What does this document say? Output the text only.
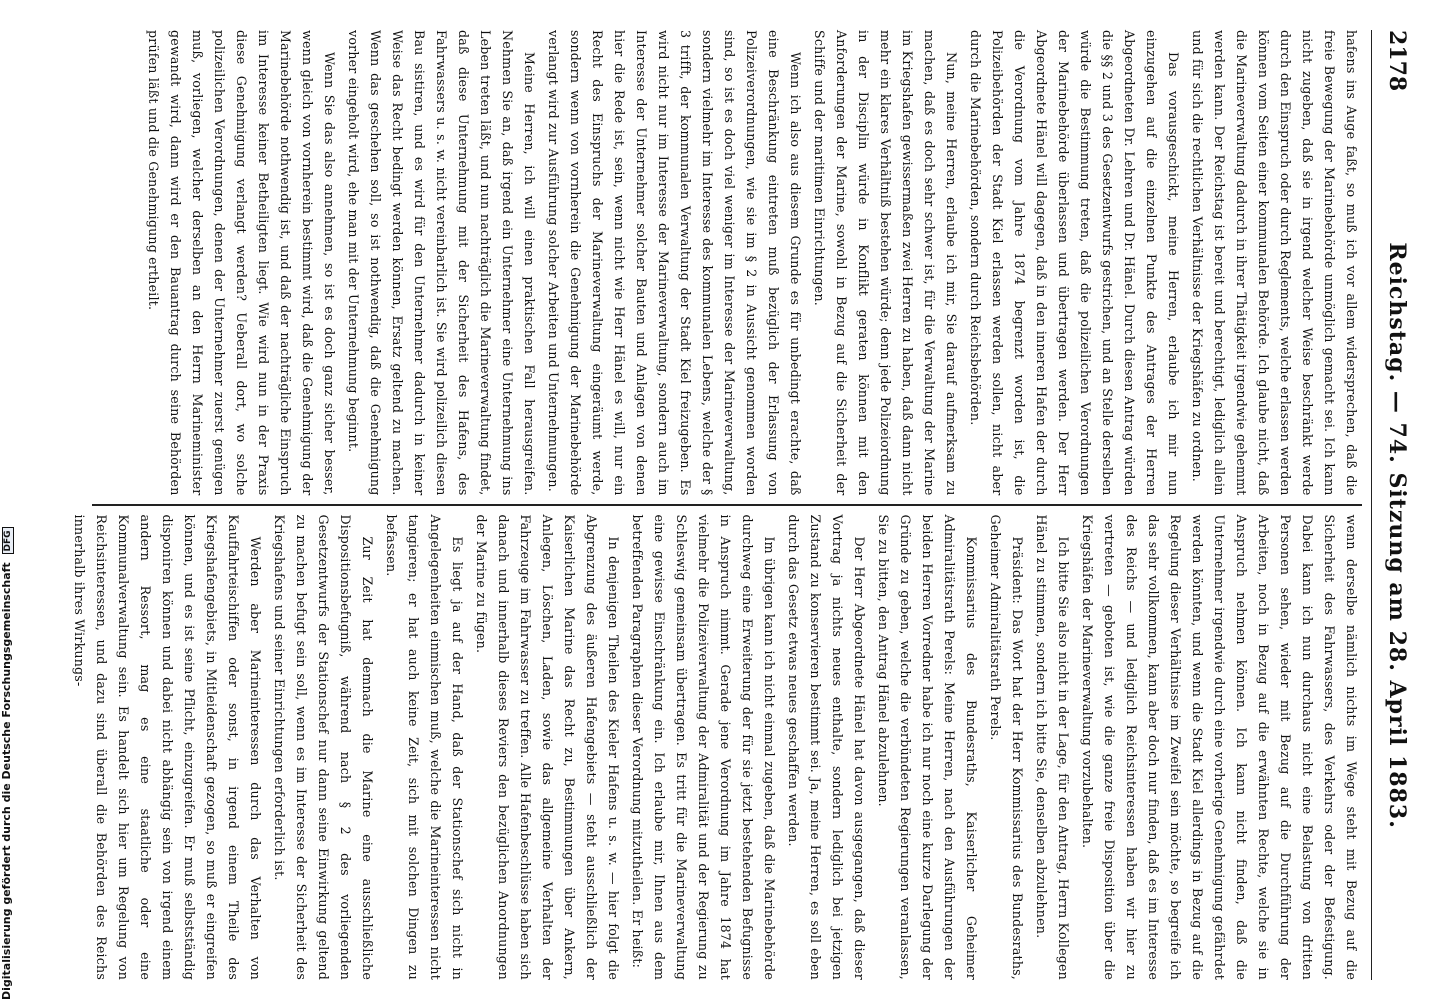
2178
Reichstag. — 74. Sitzung am 28. April 1883.

hafens ins Auge faßt, so muß ich vor allem widersprechen, daß die freie Bewegung der Marinebehörde unmöglich gemacht sei. Ich kann nicht zugeben, daß sie in irgend welcher Weise beschränkt werde durch den Einspruch oder durch Reglements, welche erlassen werden können vom Seiten einer kommunalen Behörde. Ich glaube nicht, daß die Marineverwaltung dadurch in ihrer Thätigkeit irgendwie gehemmt werden kann. Der Reichstag ist bereit und berechtigt, lediglich allein und für sich die rechtlichen Verhältnisse der Kriegshäfen zu ordnen.

Das vorausgeschickt, meine Herren, erlaube ich mir nun einzugehen auf die einzelnen Punkte des Antrages der Herren Abgeordneten Dr. Lehren und Dr. Hänel. Durch diesen Antrag würden die §§ 2 und 3 des Gesetzentwurfs gestrichen, und an Stelle derselben würde die Bestimmung treten, daß die polizeilichen Verordnungen der Marinebehörde überlassen und übertragen werden. Der Herr Abgeordnete Hänel will dagegen, daß in den inneren Hafen der durch die Verordnung vom Jahre 1874 begrenzt worden ist, die Polizeibehörden der Stadt Kiel erlassen werden sollen, nicht aber durch die Marinebehörden, sondern durch Reichsbehörden.

Nun, meine Herren, erlaube ich mir, Sie darauf aufmerksam zu machen, daß es doch sehr schwer ist, für die Verwaltung der Marine im Kriegshafen gewissermaßen zwei Herren zu haben, daß dann nicht mehr ein klares Verhältniß bestehen würde; denn jede Polizeiordnung in der Disciplin würde in Konflikt geraten können mit den Anforderungen der Marine, sowohl in Bezug auf die Sicherheit der Schiffe und der maritimen Einrichtungen.

Wenn ich also aus diesem Grunde es für unbedingt erachte, daß eine Beschränkung eintreten muß bezüglich der Erlassung von Polizeiverordnungen, wie sie im § 2 in Aussicht genommen worden sind, so ist es doch viel weniger im Interesse der Marineverwaltung, sondern vielmehr im Interesse des kommunalen Lebens, welche der § 3 trifft, der kommunalen Verwaltung der Stadt Kiel freizugeben. Es wird nicht nur im Interesse der Marineverwaltung, sondern auch im Interesse der Unternehmer solcher Bauten und Anlagen von denen hier die Rede ist, sein, wenn nicht wie Herr Hänel es will, nur ein Recht des Einspruchs der Marineverwaltung eingeräumt werde, sondern wenn von vornherein die Genehmigung der Marinebehörde verlangt wird zur Ausführung solcher Arbeiten und Unternehmungen.

Meine Herren, ich will einen praktischen Fall herausgreifen. Nehmen Sie an, daß irgend ein Unternehmer eine Unternehmung ins Leben treten läßt, und nun nachträglich die Marineverwaltung findet, daß diese Unternehmung mit der Sicherheit des Hafens, des Fahrwassers u. s. w. nicht vereinbarlich ist. Sie wird polizeilich diesen Bau sistiren, und es wird für den Unternehmer dadurch in keiner Weise das Recht bedingt werden können, Ersatz geltend zu machen. Wenn das geschehen soll, so ist nothwendig, daß die Genehmigung vorher eingeholt wird, ehe man mit der Unternehmung beginnt.

Wenn Sie das also annehmen, so ist es doch ganz sicher besser, wenn gleich von vornherein bestimmt wird, daß die Genehmigung der Marinebehörde nothwendig ist, und daß der nachträgliche Einspruch im Interesse keiner Betheiligten liegt. Wie wird nun in der Praxis diese Genehmigung verlangt werden? Ueberall dort, wo solche polizeilichen Verordnungen, denen der Unternehmer zuerst genügen muß, vorliegen, welcher derselben an den Herrn Marineminister gewandt wird, dann wird er den Bauantrag durch seine Behörden prüfen läßt und die Genehmigung ertheilt.

wenn derselbe nämlich nichts im Wege steht mit Bezug auf die Sicherheit des Fahrwassers, des Verkehrs oder der Befestigung. Dabei kann ich nun durchaus nicht eine Belastung von dritten Personen sehen, wieder mit Bezug auf die Durchführung der Arbeiten, noch in Bezug auf die erwähnten Rechte, welche sie in Anspruch nehmen können. Ich kann nicht finden, daß die Unternehmer irgendwie durch eine vorherige Genehmigung gefährdet werden könnten, und wenn die Stadt Kiel allerdings in Bezug auf die Regelung dieser Verhältnisse im Zweifel sein möchte, so begreife ich das sehr vollkommen, kann aber doch nur finden, daß es im Interesse des Reichs — und lediglich Reichsinteressen haben wir hier zu vertreten — geboten ist, wie die ganze freie Disposition über die Kriegshäfen der Marineverwaltung vorzubehalten.

Ich bitte Sie also nicht in der Lage, für den Antrag, Herrn Kollegen Hänel zu stimmen, sondern ich bitte Sie, denselben abzulehnen.

Präsident: Das Wort hat der Herr Kommissarius des Bundesraths, Geheimer Admiralitätsrath Perels.

Kommissarius des Bundesraths, Kaiserlicher Geheimer Admiralitätsrath Perels: Meine Herren, nach den Ausführungen der beiden Herren Vorredner habe ich nur noch eine kurze Darlegung der Gründe zu geben, welche die verbündeten Regierungen veranlassen, Sie zu bitten, den Antrag Hänel abzulehnen.

Der Herr Abgeordnete Hänel hat davon ausgegangen, daß dieser Vortrag ja nichts neues enthalte, sondern lediglich bei jetzigen Zustand zu konservieren bestimmt sei. Ja, meine Herren, es soll eben durch das Gesetz etwas neues geschaffen werden.

Im übrigen kann ich nicht einmal zugeben, daß die Marinebehörde durchweg eine Erweiterung der für sie jetzt bestehenden Befugnisse in Anspruch nimmt. Gerade jene Verordnung im Jahre 1874 hat vielmehr die Polizeiverwaltung der Admiralität und der Regierung zu Schleswig gemeinsam übertragen. Es tritt für die Marineverwaltung eine gewisse Einschränkung ein. Ich erlaube mir, Ihnen aus dem betreffenden Paragraphen dieser Verordnung mitzutheilen. Er heißt:

In denjenigen Theilen des Kieler Hafens u. s. w. — hier folgt die Abgrenzung des äußeren Hafengebiets — steht ausschließlich der Kaiserlichen Marine das Recht zu, Bestimmungen über Ankern, Anlegen, Löschen, Laden, sowie das allgemeine Verhalten der Fahrzeuge im Fahrwasser zu treffen. Alle Hafenbeschlüsse haben sich danach und innerhalb dieses Reviers den bezüglichen Anordnungen der Marine zu fügen.

Es liegt ja auf der Hand, daß der Stationschef sich nicht in Angelegenheiten einmischen muß, welche die Marineinteressen nicht tangieren; er hat auch keine Zeit, sich mit solchen Dingen zu befassen.

Zur Zeit hat demnach die Marine eine ausschließliche Dispositionsbefugniß, während nach § 2 des vorliegenden Gesetzentwurfs der Stationschef nur dann seine Einwirkung geltend zu machen befugt sein soll, wenn es im Interesse der Sicherheit des Kriegshafens und seiner Einrichtungen erforderlich ist.

Werden aber Marineinteressen durch das Verhalten von Kauffahrteischiffen oder sonst, in irgend einem Theile des Kriegshafengebiets, in Mitleidenschaft gezogen, so muß er eingreifen können, und es ist seine Pflicht, einzugreifen. Er muß selbstständig disponiren können und dabei nicht abhängig sein von irgend einem andern Ressort, mag es eine staatliche oder eine Kommunalverwaltung sein. Es handelt sich hier um Regelung von Reichsinteressen, und dazu sind überall die Behörden des Reichs innerhalb ihres Wirkungs-

Digitalisierung gefördert durch die Deutsche Forschungsgemeinschaft DFG
